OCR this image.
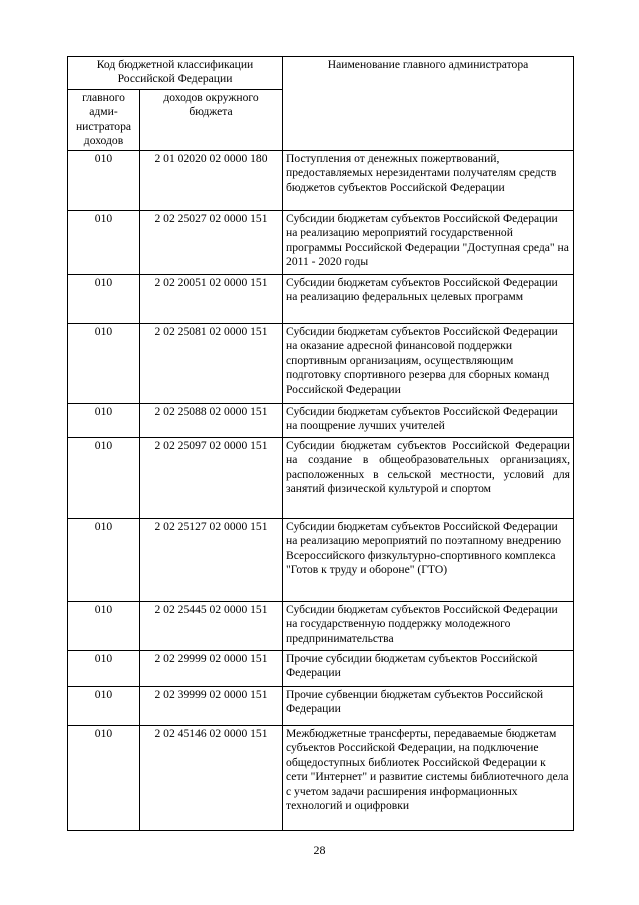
Код бюджетной классификации Российской Федерации		Наименование главного администратора
главного адми-нистратора доходов	доходов окружного бюджета	
010	2 01 02020 02 0000 180	Поступления от денежных пожертвований, предоставляемых нерезидентами получателям средств бюджетов субъектов Российской Федерации
010	2 02 25027 02 0000 151	Субсидии бюджетам субъектов Российской Федерации на реализацию мероприятий государственной программы Российской Федерации "Доступная среда" на 2011 - 2020 годы
010	2 02 20051 02 0000 151	Субсидии бюджетам субъектов Российской Федерации на реализацию федеральных целевых программ
010	2 02 25081 02 0000 151	Субсидии бюджетам субъектов Российской Федерации на оказание адресной финансовой поддержки спортивным организациям, осуществляющим подготовку спортивного резерва для сборных команд Российской Федерации
010	2 02 25088 02 0000 151	Субсидии бюджетам субъектов Российской Федерации на поощрение лучших учителей
010	2 02 25097 02 0000 151	Субсидии бюджетам субъектов Российской Федерации на создание в общеобразовательных организациях, расположенных в сельской местности, условий для занятий физической культурой и спортом
010	2 02 25127 02 0000 151	Субсидии бюджетам субъектов Российской Федерации на реализацию мероприятий по поэтапному внедрению Всероссийского физкультурно-спортивного комплекса "Готов к труду и обороне" (ГТО)
010	2 02 25445 02 0000 151	Субсидии бюджетам субъектов Российской Федерации на государственную поддержку молодежного предпринимательства
010	2 02 29999 02 0000 151	Прочие субсидии бюджетам субъектов Российской Федерации
010	2 02 39999 02 0000 151	Прочие субвенции бюджетам субъектов Российской Федерации
010	2 02 45146 02 0000 151	Межбюджетные трансферты, передаваемые бюджетам субъектов Российской Федерации, на подключение общедоступных библиотек Российской Федерации к сети "Интернет" и развитие системы библиотечного дела с учетом задачи расширения информационных технологий и оцифровки
28
